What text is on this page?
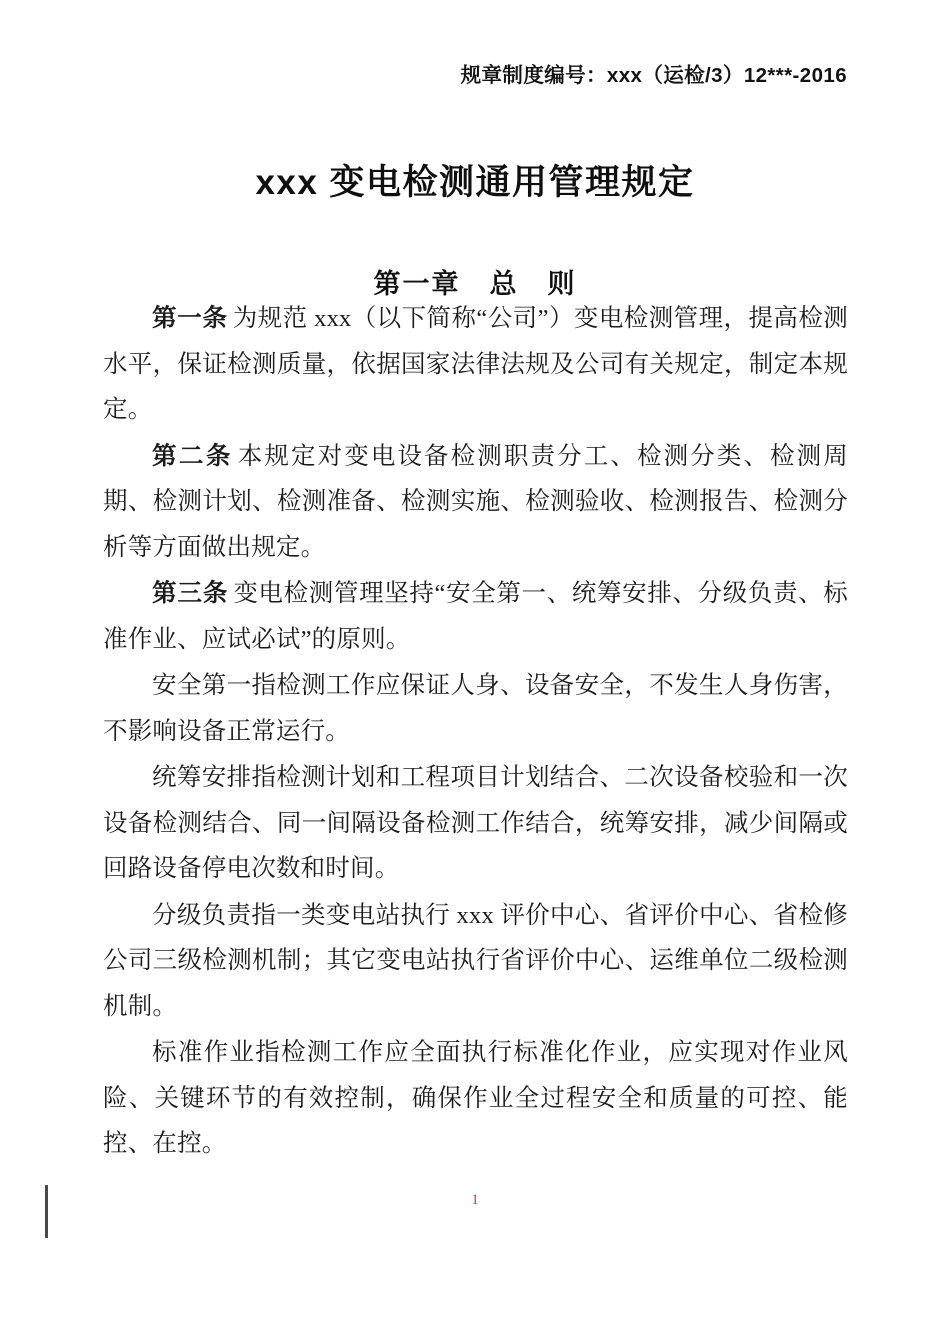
规章制度编号：xxx（运检/3）12***-2016
xxx 变电检测通用管理规定
第一章　总　则

第一条 为规范 xxx（以下简称“公司”）变电检测管理，提高检测水平，保证检测质量，依据国家法律法规及公司有关规定，制定本规定。

第二条 本规定对变电设备检测职责分工、检测分类、检测周期、检测计划、检测准备、检测实施、检测验收、检测报告、检测分析等方面做出规定。

第三条 变电检测管理坚持“安全第一、统筹安排、分级负责、标准作业、应试必试”的原则。

安全第一指检测工作应保证人身、设备安全，不发生人身伤害，不影响设备正常运行。

统筹安排指检测计划和工程项目计划结合、二次设备校验和一次设备检测结合、同一间隔设备检测工作结合，统筹安排，减少间隔或回路设备停电次数和时间。

分级负责指一类变电站执行 xxx 评价中心、省评价中心、省检修公司三级检测机制；其它变电站执行省评价中心、运维单位二级检测机制。

标准作业指检测工作应全面执行标准化作业，应实现对作业风险、关键环节的有效控制，确保作业全过程安全和质量的可控、能控、在控。

1
